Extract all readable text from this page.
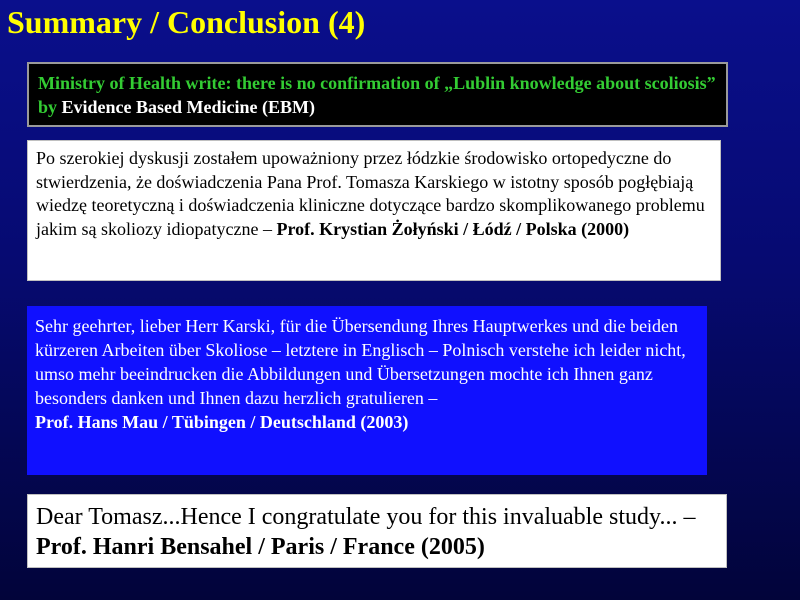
Summary / Conclusion (4)
Ministry of Health write: there is no confirmation of „Lublin knowledge about scoliosis” by Evidence Based Medicine (EBM)
Po szerokiej dyskusji zostałem upoważniony przez łódzkie środowisko ortopedyczne do stwierdzenia, że doświadczenia Pana Prof. Tomasza Karskiego w istotny sposób pogłębiają wiedzę teoretyczną i doświadczenia kliniczne dotyczące bardzo skomplikowanego problemu jakim są skoliozy idiopatyczne – Prof. Krystian Żołyński / Łódź / Polska (2000)
Sehr geehrter, lieber Herr Karski, für die Übersendung Ihres Hauptwerkes und die beiden kürzeren Arbeiten über Skoliose – letztere in Englisch – Polnisch verstehe ich leider nicht, umso mehr beeindrucken die Abbildungen und Übersetzungen mochte ich Ihnen ganz besonders danken und Ihnen dazu herzlich gratulieren –
Prof. Hans Mau / Tübingen / Deutschland (2003)
Dear Tomasz...Hence I congratulate you for this invaluable study... – Prof. Hanri Bensahel / Paris / France (2005)
